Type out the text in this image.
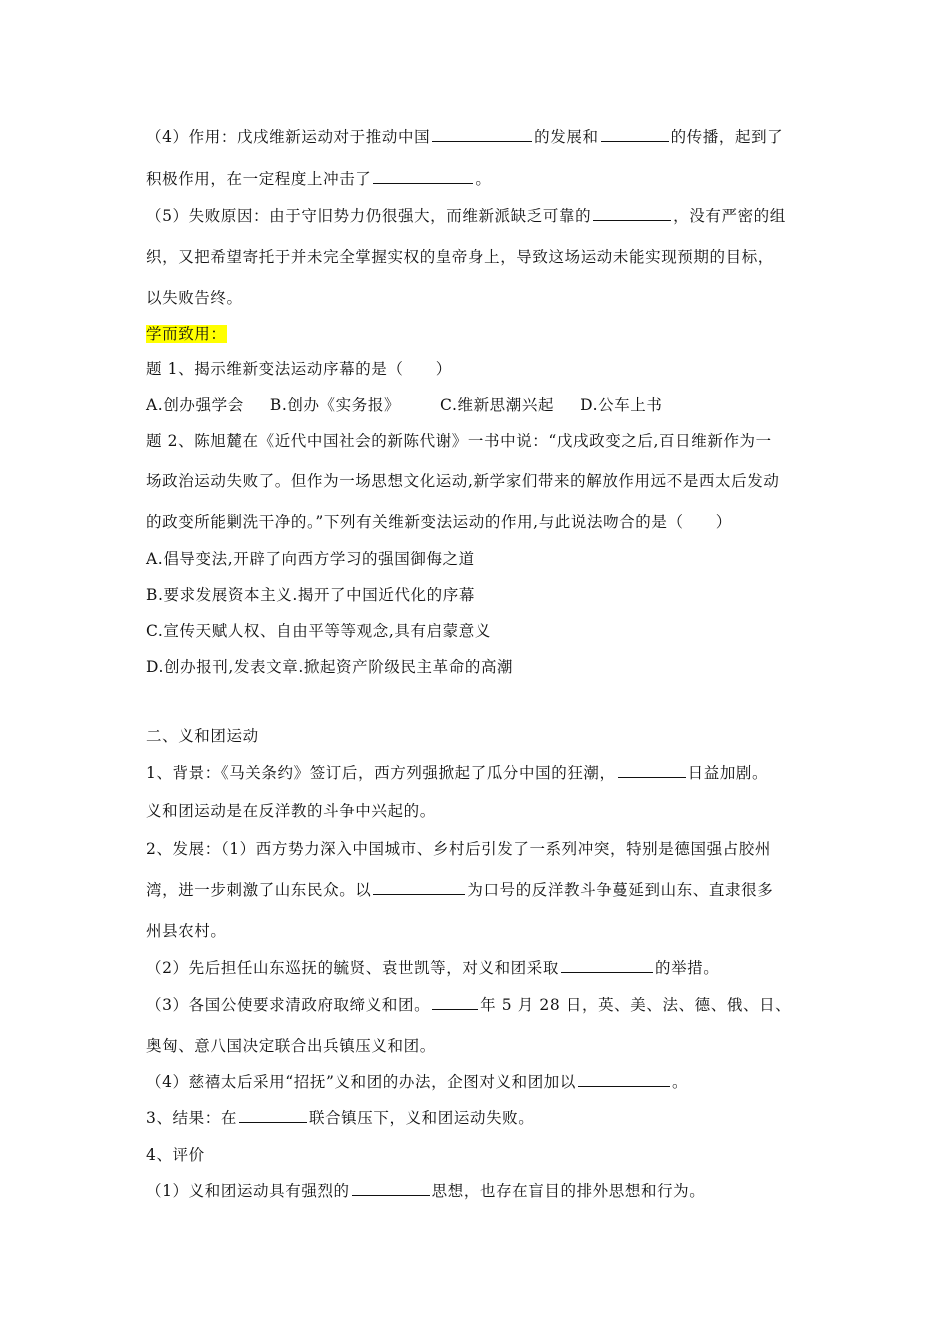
（4）作用：戊戌维新运动对于推动中国	的发展和	的传播，起到了
积极作用，在一定程度上冲击了	。
（5）失败原因：由于守旧势力仍很强大，而维新派缺乏可靠的	，没有严密的组
织，又把希望寄托于并未完全掌握实权的皇帝身上，导致这场运动未能实现预期的目标，
以失败告终。
学而致用：
题 1、揭示维新变法运动序幕的是（　　）
A.创办强学会 B.创办《实务报》	C.维新思潮兴起 D.公车上书
题 2、陈旭麓在《近代中国社会的新陈代谢》一书中说：“戊戌政变之后,百日维新作为一
场政治运动失败了。但作为一场思想文化运动,新学家们带来的解放作用远不是西太后发动
的政变所能剿洗干净的。”下列有关维新变法运动的作用,与此说法吻合的是（　　）
A.倡导变法,开辟了向西方学习的强国御侮之道
B.要求发展资本主义.揭开了中国近代化的序幕
C.宣传天赋人权、自由平等等观念,具有启蒙意义
D.创办报刊,发表文章.掀起资产阶级民主革命的高潮
二、义和团运动
1、背景：《马关条约》签订后，西方列强掀起了瓜分中国的狂潮，	日益加剧。
义和团运动是在反洋教的斗争中兴起的。
2、发展：（1）西方势力深入中国城市、乡村后引发了一系列冲突，特别是德国强占胶州
湾，进一步刺激了山东民众。以	为口号的反洋教斗争蔓延到山东、直隶很多
州县农村。
（2）先后担任山东巡抚的毓贤、袁世凯等，对义和团采取	的举措。
（3）各国公使要求清政府取缔义和团。	年 5 月 28 日，英、美、法、德、俄、日、
奥匈、意八国决定联合出兵镇压义和团。
（4）慈禧太后采用“招抚”义和团的办法，企图对义和团加以	。
3、结果：在	联合镇压下，义和团运动失败。
4、评价
（1）义和团运动具有强烈的	思想，也存在盲目的排外思想和行为。
